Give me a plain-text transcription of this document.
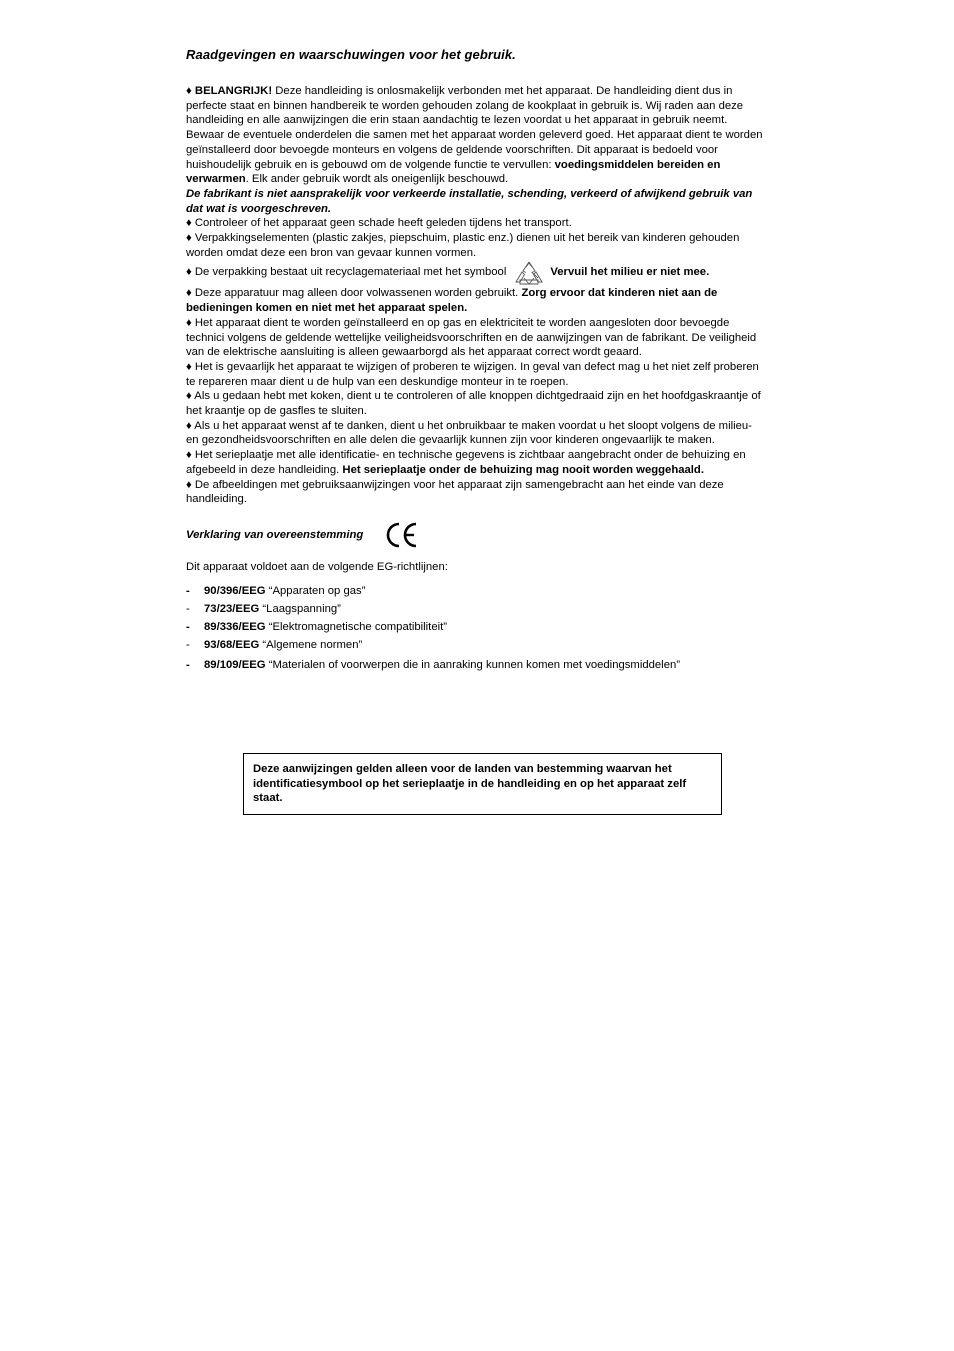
Raadgevingen en waarschuwingen voor het gebruik.

♦ BELANGRIJK! Deze handleiding is onlosmakelijk verbonden met het apparaat. De handleiding dient dus in perfecte staat en binnen handbereik te worden gehouden zolang de kookplaat in gebruik is. Wij raden aan deze handleiding en alle aanwijzingen die erin staan aandachtig te lezen voordat u het apparaat in gebruik neemt. Bewaar de eventuele onderdelen die samen met het apparaat worden geleverd goed. Het apparaat dient te worden geïnstalleerd door bevoegde monteurs en volgens de geldende voorschriften. Dit apparaat is bedoeld voor huishoudelijk gebruik en is gebouwd om de volgende functie te vervullen: voedingsmiddelen bereiden en verwarmen. Elk ander gebruik wordt als oneigenlijk beschouwd.

De fabrikant is niet aansprakelijk voor verkeerde installatie, schending, verkeerd of afwijkend gebruik van dat wat is voorgeschreven.

♦ Controleer of het apparaat geen schade heeft geleden tijdens het transport.

♦ Verpakkingselementen (plastic zakjes, piepschuim, plastic enz.) dienen uit het bereik van kinderen gehouden worden omdat deze een bron van gevaar kunnen vormen.

♦ De verpakking bestaat uit recyclagemateriaal met het symbool	Vervuil het milieu er niet mee.

♦ Deze apparatuur mag alleen door volwassenen worden gebruikt. Zorg ervoor dat kinderen niet aan de bedieningen komen en niet met het apparaat spelen.

♦ Het apparaat dient te worden geïnstalleerd en op gas en elektriciteit te worden aangesloten door bevoegde technici volgens de geldende wettelijke veiligheidsvoorschriften en de aanwijzingen van de fabrikant. De veiligheid van de elektrische aansluiting is alleen gewaarborgd als het apparaat correct wordt geaard.

♦ Het is gevaarlijk het apparaat te wijzigen of proberen te wijzigen. In geval van defect mag u het niet zelf proberen te repareren maar dient u de hulp van een deskundige monteur in te roepen.

♦ Als u gedaan hebt met koken, dient u te controleren of alle knoppen dichtgedraaid zijn en het hoofdgaskraantje of het kraantje op de gasfles te sluiten.

♦ Als u het apparaat wenst af te danken, dient u het onbruikbaar te maken voordat u het sloopt volgens de milieu- en gezondheidsvoorschriften en alle delen die gevaarlijk kunnen zijn voor kinderen ongevaarlijk te maken.

♦ Het serieplaatje met alle identificatie- en technische gegevens is zichtbaar aangebracht onder de behuizing en afgebeeld in deze handleiding. Het serieplaatje onder de behuizing mag nooit worden weggehaald.

♦ De afbeeldingen met gebruiksaanwijzingen voor het apparaat zijn samengebracht aan het einde van deze handleiding.

Verklaring van overeenstemming
Dit apparaat voldoet aan de volgende EG-richtlijnen:
-	90/396/EEG “Apparaten op gas”
-	73/23/EEG “Laagspanning”
-	89/336/EEG “Elektromagnetische compatibiliteit”
-	93/68/EEG “Algemene normen”
-	89/109/EEG “Materialen of voorwerpen die in aanraking kunnen komen met voedingsmiddelen”
Deze aanwijzingen gelden alleen voor de landen van bestemming waarvan het identificatiesymbool op het serieplaatje in de handleiding en op het apparaat zelf staat.
